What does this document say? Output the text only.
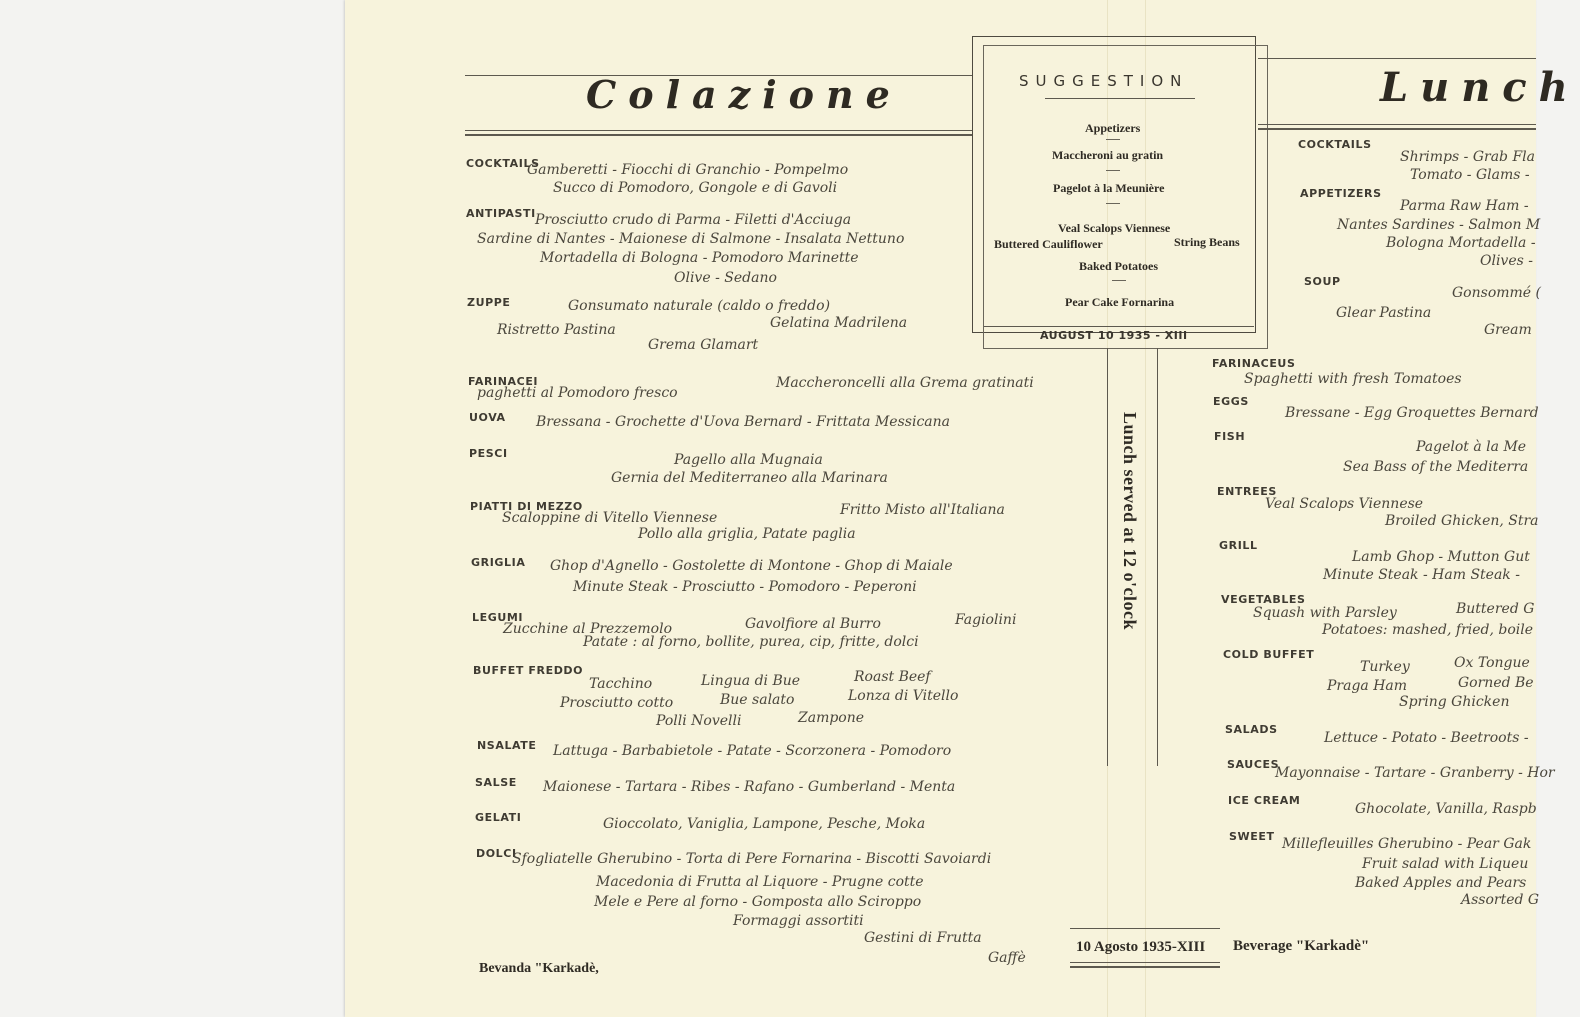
Colazione
COCKTAILS
ANTIPASTI
ZUPPE
FARINACEI
UOVA
PESCI
PIATTI DI MEZZO
GRIGLIA
LEGUMI
BUFFET FREDDO
NSALATE
SALSE
GELATI
DOLCI
Gamberetti - Fiocchi di Granchio - Pompelmo
Succo di Pomodoro, Gongole e di Gavoli
Prosciutto crudo di Parma - Filetti d'Acciuga
Sardine di Nantes - Maionese di Salmone - Insalata Nettuno
Mortadella di Bologna - Pomodoro Marinette
Olive - Sedano
Gonsumato naturale (caldo o freddo)
Ristretto Pastina	Gelatina Madrilena
Grema Glamart
paghetti al Pomodoro fresco
Maccheroncelli alla Grema gratinati
Bressana - Grochette d'Uova Bernard - Frittata Messicana
Pagello alla Mugnaia
Gernia del Mediterraneo alla Marinara
Scaloppine di Vitello Viennese	Fritto Misto all'Italiana
Pollo alla griglia, Patate paglia
Ghop d'Agnello - Gostolette di Montone - Ghop di Maiale
Minute Steak - Prosciutto - Pomodoro - Peperoni
Zucchine al Prezzemolo	Gavolfiore al Burro	Fagiolini
Patate : al forno, bollite, purea, cip, fritte, dolci
Tacchino	Lingua di Bue	Roast Beef
Prosciutto cotto	Bue salato	Lonza di Vitello
Polli Novelli	Zampone
Lattuga - Barbabietole - Patate - Scorzonera - Pomodoro
Maionese - Tartara - Ribes - Rafano - Gumberland - Menta
Gioccolato, Vaniglia, Lampone, Pesche, Moka
Sfogliatelle Gherubino - Torta di Pere Fornarina - Biscotti Savoiardi
Macedonia di Frutta al Liquore - Prugne cotte
Mele e Pere al forno - Gomposta allo Sciroppo
Formaggi assortiti
Gestini di Frutta
Gaffè
Bevanda "Karkadè,
SUGGESTION
Appetizers
Maccheroni au gratin
Pagelot à la Meunière
Veal Scalops Viennese
Buttered Cauliflower	String Beans
Baked Potatoes
Pear Cake Fornarina
AUGUST 10 1935 - XIII
Lunch served at 12 o'clock
10 Agosto 1935-XIII Beverage "Karkadè"
Lunch
COCKTAILS
APPETIZERS
SOUP
FARINACEUS
EGGS
FISH
ENTREES
GRILL
VEGETABLES
COLD BUFFET
SALADS
SAUCES
ICE CREAM
SWEET
Shrimps - Grab Fla
Tomato - Glams -
Parma Raw Ham -
Nantes Sardines - Salmon M
Bologna Mortadella -
Olives -
Gonsommé (
Glear Pastina
Gream
Spaghetti with fresh Tomatoes
Bressane - Egg Groquettes Bernard
Pagelot à la Me
Sea Bass of the Mediterra
Veal Scalops Viennese
Broiled Ghicken, Stra
Lamb Ghop - Mutton Gut
Minute Steak - Ham Steak -
Squash with Parsley	Buttered G
Potatoes: mashed, fried, boile
Turkey	Ox Tongue
Praga Ham	Gorned Be
Spring Ghicken
Lettuce - Potato - Beetroots -
Mayonnaise - Tartare - Granberry - Hor
Ghocolate, Vanilla, Raspb
Millefleuilles Gherubino - Pear Gak
Fruit salad with Liqueu
Baked Apples and Pears
Assorted G
